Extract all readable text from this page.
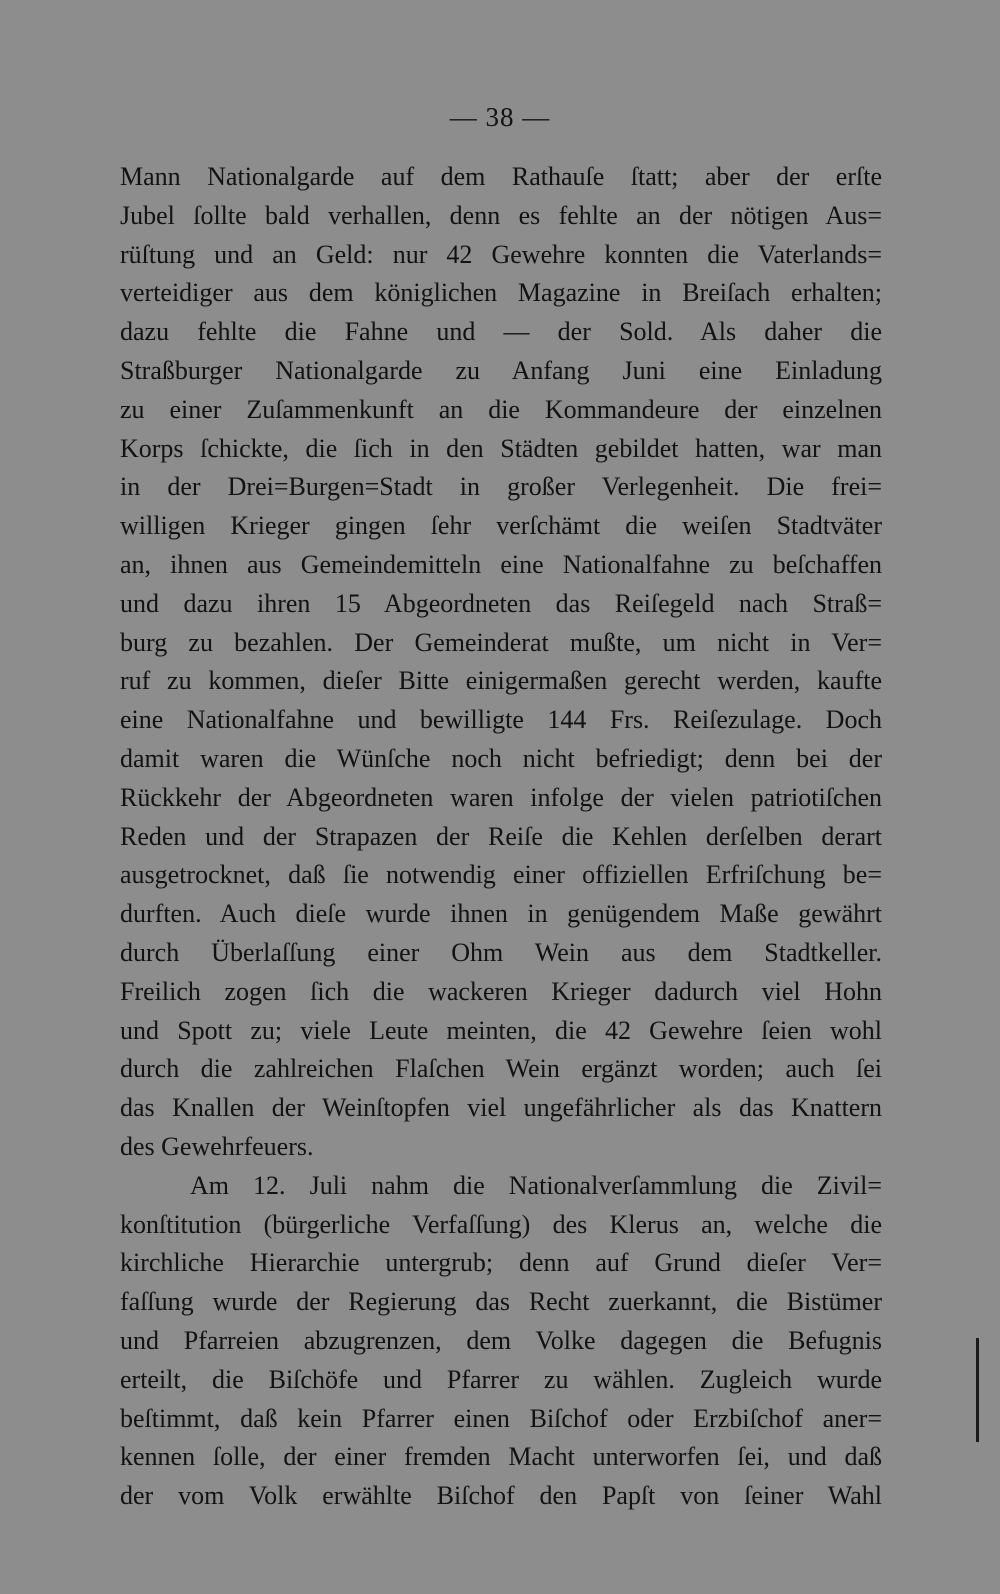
— 38 —
Mann Nationalgarde auf dem Rathauſe ſtatt; aber der erſte
Jubel ſollte bald verhallen, denn es fehlte an der nötigen Aus=
rüſtung und an Geld: nur 42 Gewehre konnten die Vaterlands=
verteidiger aus dem königlichen Magazine in Breiſach erhalten;
dazu fehlte die Fahne und — der Sold. Als daher die
Straßburger Nationalgarde zu Anfang Juni eine Einladung
zu einer Zuſammenkunft an die Kommandeure der einzelnen
Korps ſchickte, die ſich in den Städten gebildet hatten, war man
in der Drei=Burgen=Stadt in großer Verlegenheit. Die frei=
willigen Krieger gingen ſehr verſchämt die weiſen Stadtväter
an, ihnen aus Gemeindemitteln eine Nationalfahne zu beſchaffen
und dazu ihren 15 Abgeordneten das Reiſegeld nach Straß=
burg zu bezahlen. Der Gemeinderat mußte, um nicht in Ver=
ruf zu kommen, dieſer Bitte einigermaßen gerecht werden, kaufte
eine Nationalfahne und bewilligte 144 Frs. Reiſezulage. Doch
damit waren die Wünſche noch nicht befriedigt; denn bei der
Rückkehr der Abgeordneten waren infolge der vielen patriotiſchen
Reden und der Strapazen der Reiſe die Kehlen derſelben derart
ausgetrocknet, daß ſie notwendig einer offiziellen Erfriſchung be=
durften. Auch dieſe wurde ihnen in genügendem Maße gewährt
durch Überlaſſung einer Ohm Wein aus dem Stadtkeller.
Freilich zogen ſich die wackeren Krieger dadurch viel Hohn
und Spott zu; viele Leute meinten, die 42 Gewehre ſeien wohl
durch die zahlreichen Flaſchen Wein ergänzt worden; auch ſei
das Knallen der Weinſtopfen viel ungefährlicher als das Knattern
des Gewehrfeuers.
Am 12. Juli nahm die Nationalverſammlung die Zivil=
konſtitution (bürgerliche Verfaſſung) des Klerus an, welche die
kirchliche Hierarchie untergrub; denn auf Grund dieſer Ver=
faſſung wurde der Regierung das Recht zuerkannt, die Bistümer
und Pfarreien abzugrenzen, dem Volke dagegen die Befugnis
erteilt, die Biſchöfe und Pfarrer zu wählen. Zugleich wurde
beſtimmt, daß kein Pfarrer einen Biſchof oder Erzbiſchof aner=
kennen ſolle, der einer fremden Macht unterworfen ſei, und daß
der vom Volk erwählte Biſchof den Papſt von ſeiner Wahl
